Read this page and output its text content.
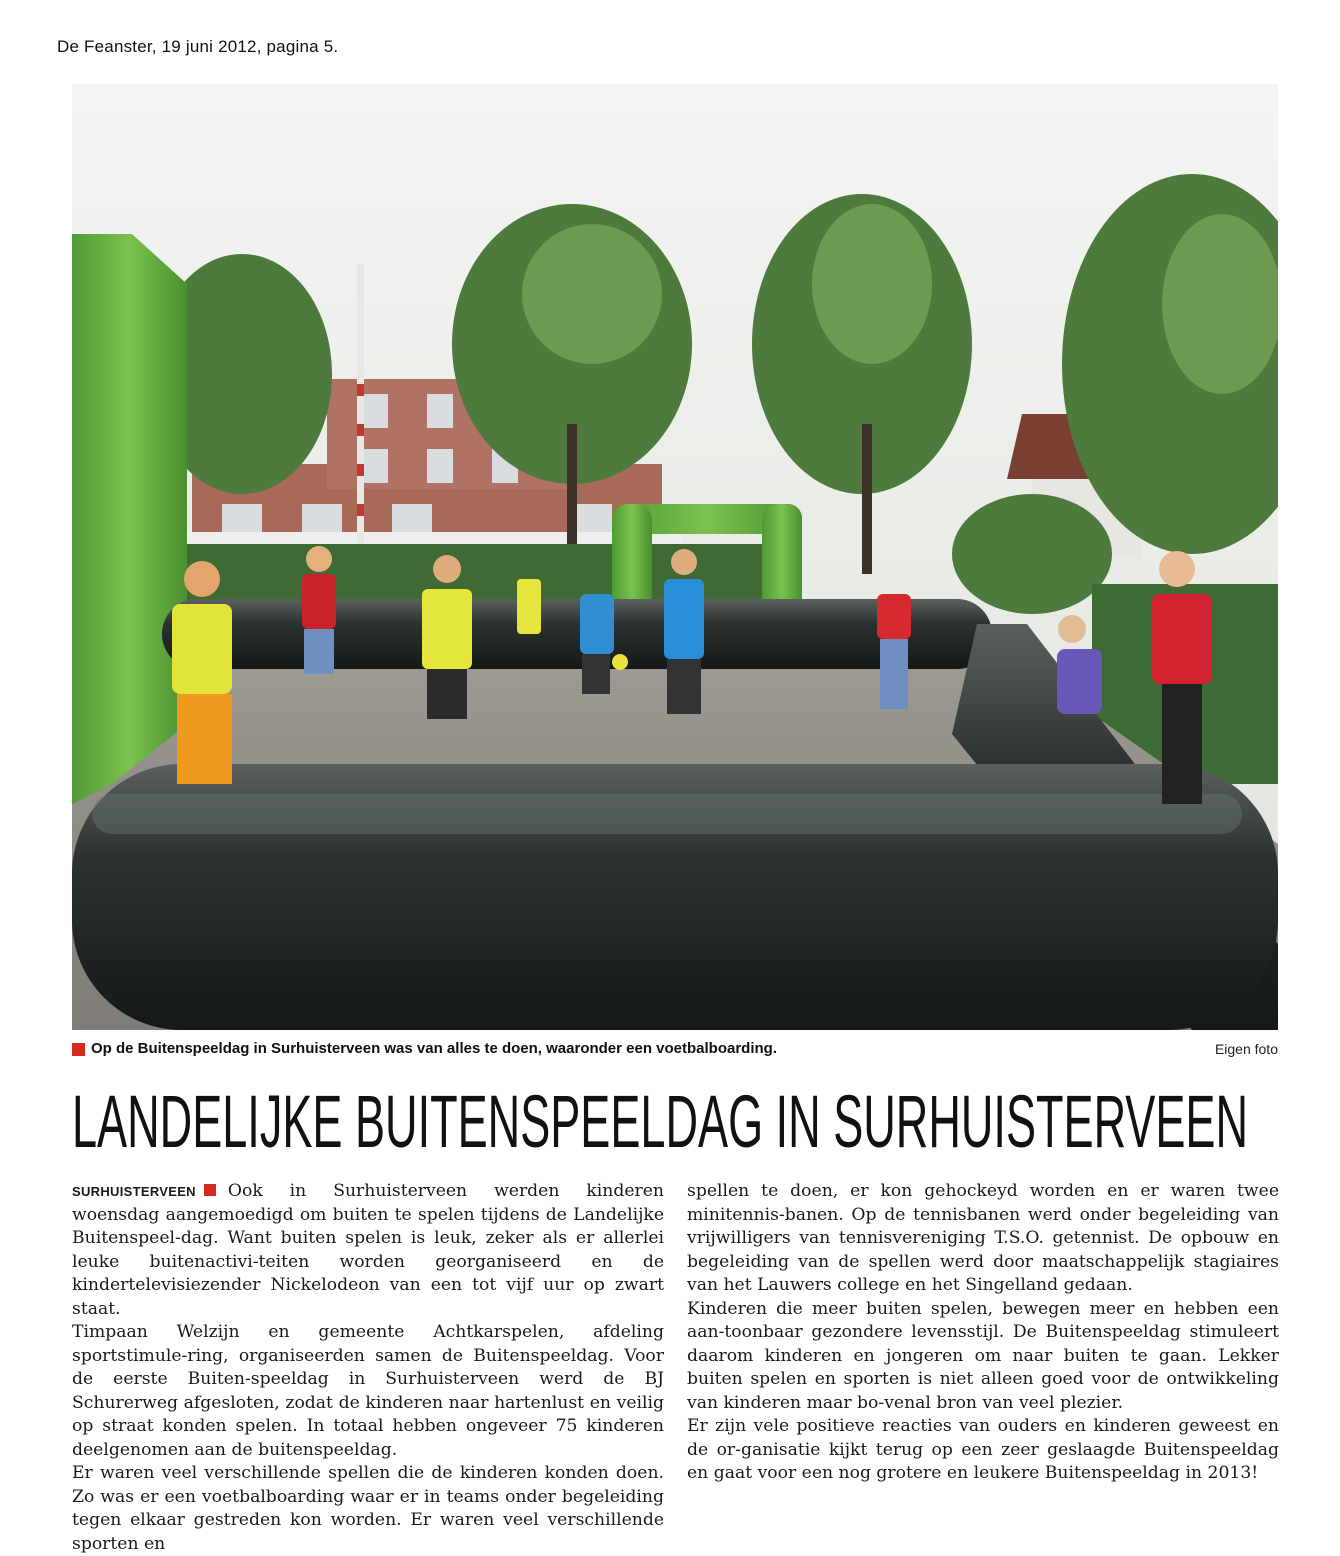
De Feanster, 19 juni 2012, pagina 5.
Op de Buitenspeeldag in Surhuisterveen was van alles te doen, waaronder een voetbalboarding.	Eigen foto
LANDELIJKE BUITENSPEELDAG IN SURHUISTERVEEN

SURHUISTERVEEN Ook in Surhuisterveen werden kinderen woensdag aangemoedigd om buiten te spelen tijdens de Landelijke Buitenspeel-dag. Want buiten spelen is leuk, zeker als er allerlei leuke buitenactivi-teiten worden georganiseerd en de kindertelevisiezender Nickelodeon van een tot vijf uur op zwart staat.

Timpaan Welzijn en gemeente Achtkarspelen, afdeling sportstimule-ring, organiseerden samen de Buitenspeeldag. Voor de eerste Buiten-speeldag in Surhuisterveen werd de BJ Schurerweg afgesloten, zodat de kinderen naar hartenlust en veilig op straat konden spelen. In totaal hebben ongeveer 75 kinderen deelgenomen aan de buitenspeeldag.

Er waren veel verschillende spellen die de kinderen konden doen. Zo was er een voetbalboarding waar er in teams onder begeleiding tegen elkaar gestreden kon worden. Er waren veel verschillende sporten en

spellen te doen, er kon gehockeyd worden en er waren twee minitennis-banen. Op de tennisbanen werd onder begeleiding van vrijwilligers van tennisvereniging T.S.O. getennist. De opbouw en begeleiding van de spellen werd door maatschappelijk stagiaires van het Lauwers college en het Singelland gedaan.

Kinderen die meer buiten spelen, bewegen meer en hebben een aan-toonbaar gezondere levensstijl. De Buitenspeeldag stimuleert daarom kinderen en jongeren om naar buiten te gaan. Lekker buiten spelen en sporten is niet alleen goed voor de ontwikkeling van kinderen maar bo-venal bron van veel plezier.

Er zijn vele positieve reacties van ouders en kinderen geweest en de or-ganisatie kijkt terug op een zeer geslaagde Buitenspeeldag en gaat voor een nog grotere en leukere Buitenspeeldag in 2013!
